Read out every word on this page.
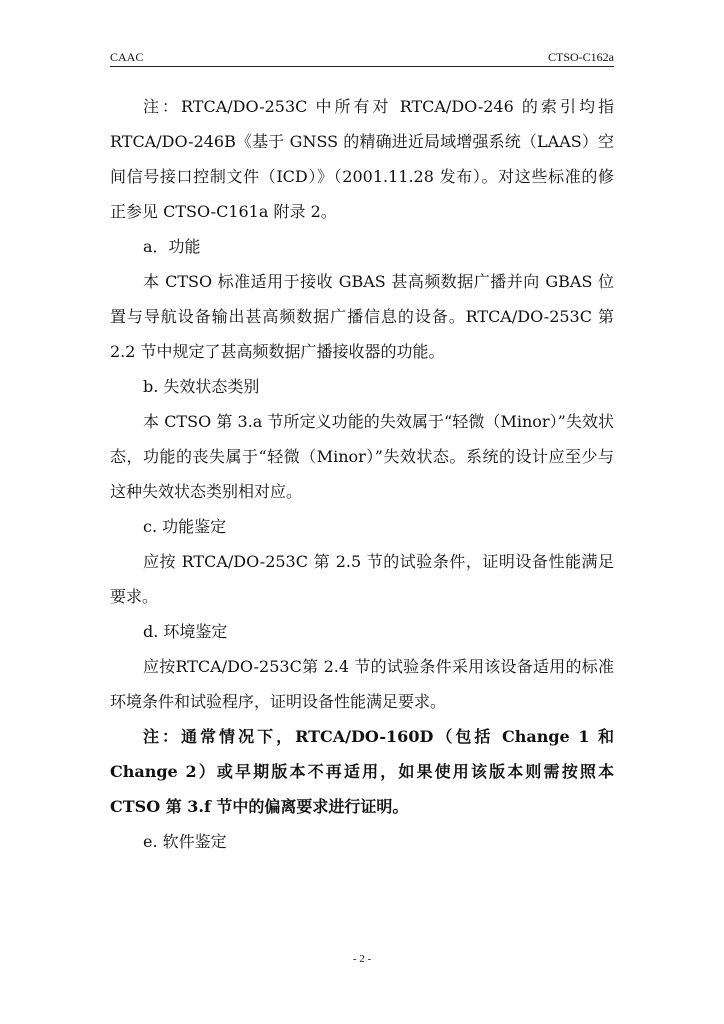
CAAC	CTSO-C162a

注：RTCA/DO-253C 中所有对 RTCA/DO-246 的索引均指 RTCA/DO-246B《基于 GNSS 的精确进近局域增强系统（LAAS）空间信号接口控制文件（ICD）》（2001.11.28 发布）。对这些标准的修正参见 CTSO-C161a 附录 2。

a．功能

本 CTSO 标准适用于接收 GBAS 甚高频数据广播并向 GBAS 位置与导航设备输出甚高频数据广播信息的设备。RTCA/DO-253C 第 2.2 节中规定了甚高频数据广播接收器的功能。

b. 失效状态类别

本 CTSO 第 3.a 节所定义功能的失效属于“轻微（Minor）”失效状态，功能的丧失属于“轻微（Minor）”失效状态。系统的设计应至少与这种失效状态类别相对应。

c. 功能鉴定

应按 RTCA/DO-253C 第 2.5 节的试验条件，证明设备性能满足要求。

d. 环境鉴定

应按RTCA/DO-253C第 2.4 节的试验条件采用该设备适用的标准环境条件和试验程序，证明设备性能满足要求。

注：通常情况下，RTCA/DO-160D（包括 Change 1 和 Change 2）或早期版本不再适用，如果使用该版本则需按照本 CTSO 第 3.f 节中的偏离要求进行证明。

e. 软件鉴定

- 2 -
